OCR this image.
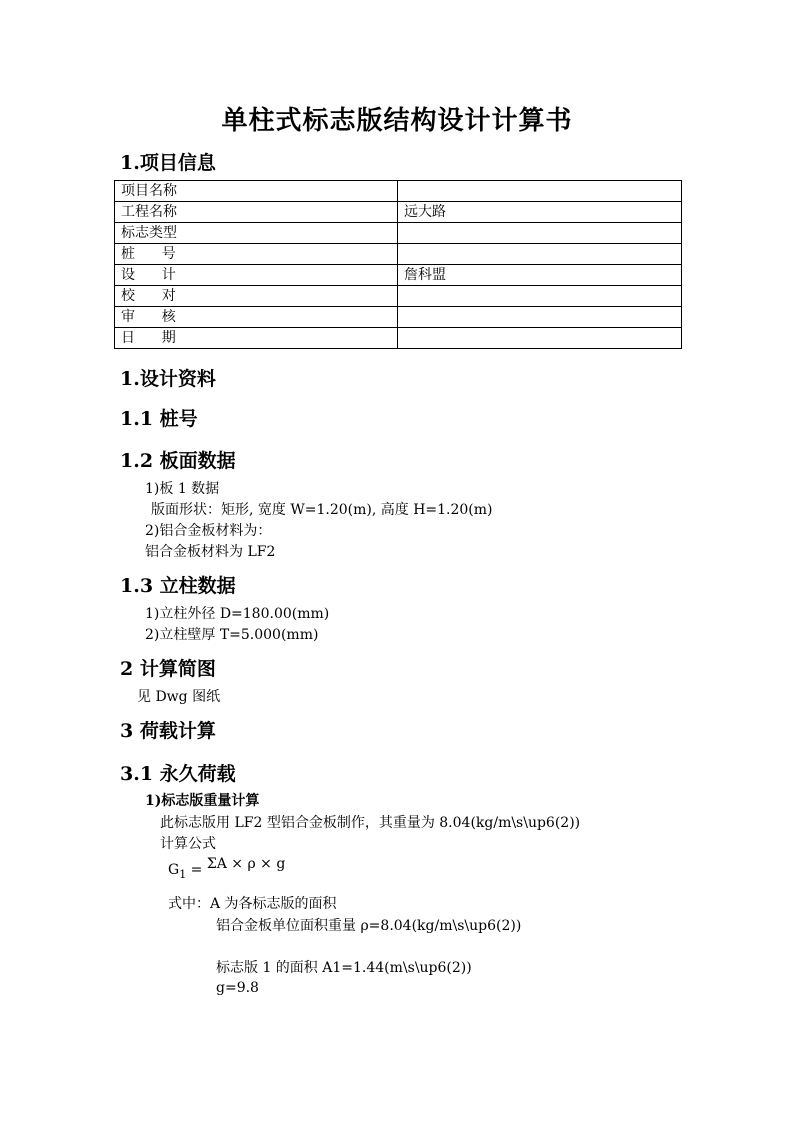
单柱式标志版结构设计计算书
1.项目信息
项目名称	
工程名称	远大路
标志类型	
桩      号	
设      计	詹科盟
校      对	
审      核	
日      期	
1.设计资料
1.1 桩号
1.2 板面数据
1)板 1 数据
版面形状：矩形, 宽度 W=1.20(m), 高度 H=1.20(m)
2)铝合金板材料为：
铝合金板材料为 LF2
1.3 立柱数据
1)立柱外径 D=180.00(mm)
2)立柱壁厚 T=5.000(mm)
2 计算简图
见 Dwg 图纸
3 荷载计算
3.1 永久荷载
1)标志版重量计算
此标志版用 LF2 型铝合金板制作，其重量为 8.04(kg/m\s\up6(2))
计算公式
$G_1 = \Sigma A \times \rho \times g$
式中：A 为各标志版的面积
铝合金板单位面积重量 ρ=8.04(kg/m\s\up6(2))
标志版 1 的面积 A1=1.44(m\s\up6(2))
g=9.8
